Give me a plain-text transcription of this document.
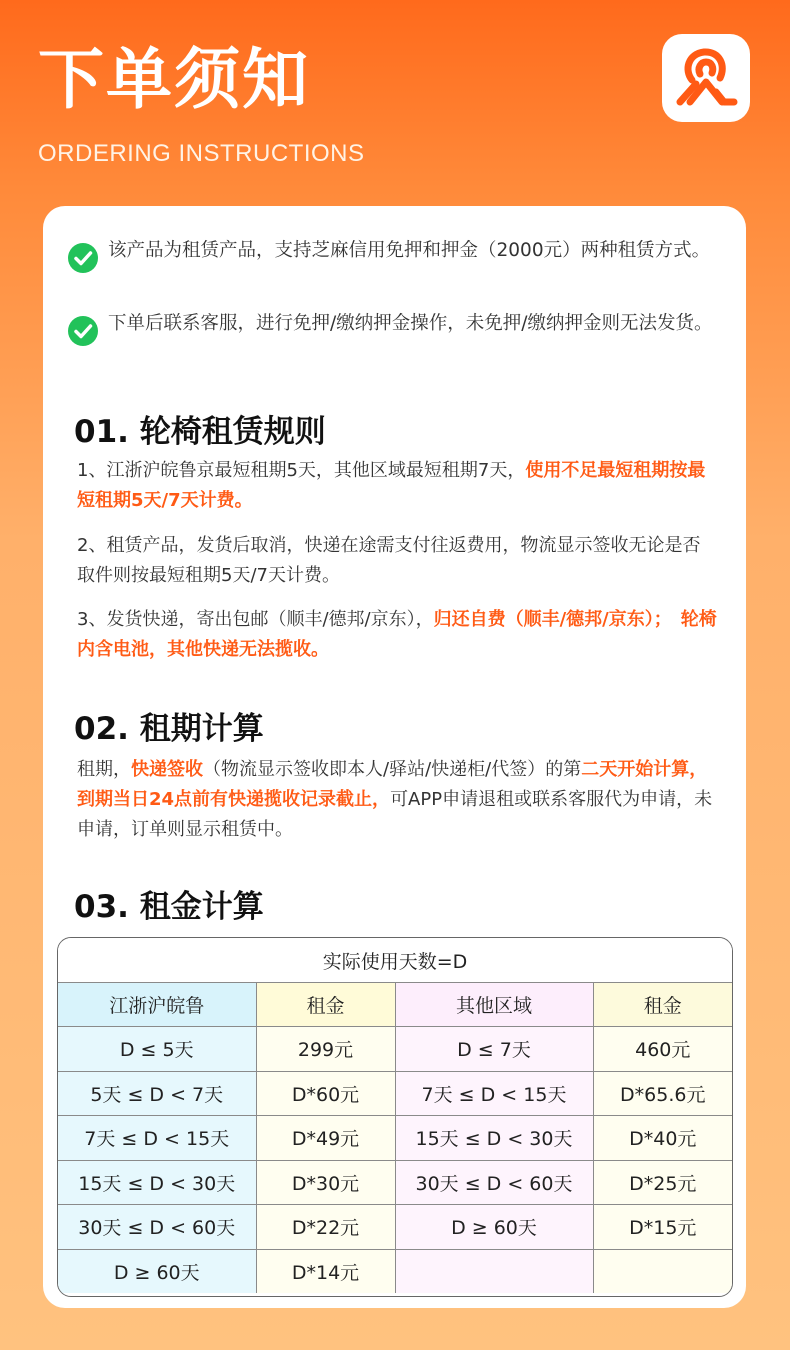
下单须知
ORDERING INSTRUCTIONS
该产品为租赁产品，支持芝麻信用免押和押金（2000元）两种租赁方式。
下单后联系客服，进行免押/缴纳押金操作，未免押/缴纳押金则无法发货。
01. 轮椅租赁规则
1、江浙沪皖鲁京最短租期5天，其他区域最短租期7天，使用不足最短租期按最短租期5天/7天计费。
2、租赁产品，发货后取消，快递在途需支付往返费用，物流显示签收无论是否取件则按最短租期5天/7天计费。
3、发货快递，寄出包邮（顺丰/德邦/京东），归还自费（顺丰/德邦/京东）；　轮椅内含电池，其他快递无法揽收。
02. 租期计算
租期，快递签收（物流显示签收即本人/驿站/快递柜/代签）的第二天开始计算，到期当日24点前有快递揽收记录截止，可APP申请退租或联系客服代为申请，未申请，订单则显示租赁中。
03. 租金计算
实际使用天数=D			
江浙沪皖鲁	租金	其他区域	租金
D ≤ 5天	299元	D ≤ 7天	460元
5天 ≤ D < 7天	D*60元	7天 ≤ D < 15天	D*65.6元
7天 ≤ D < 15天	D*49元	15天 ≤ D < 30天	D*40元
15天 ≤ D < 30天	D*30元	30天 ≤ D < 60天	D*25元
30天 ≤ D < 60天	D*22元	D ≥ 60天	D*15元
D ≥ 60天	D*14元		
